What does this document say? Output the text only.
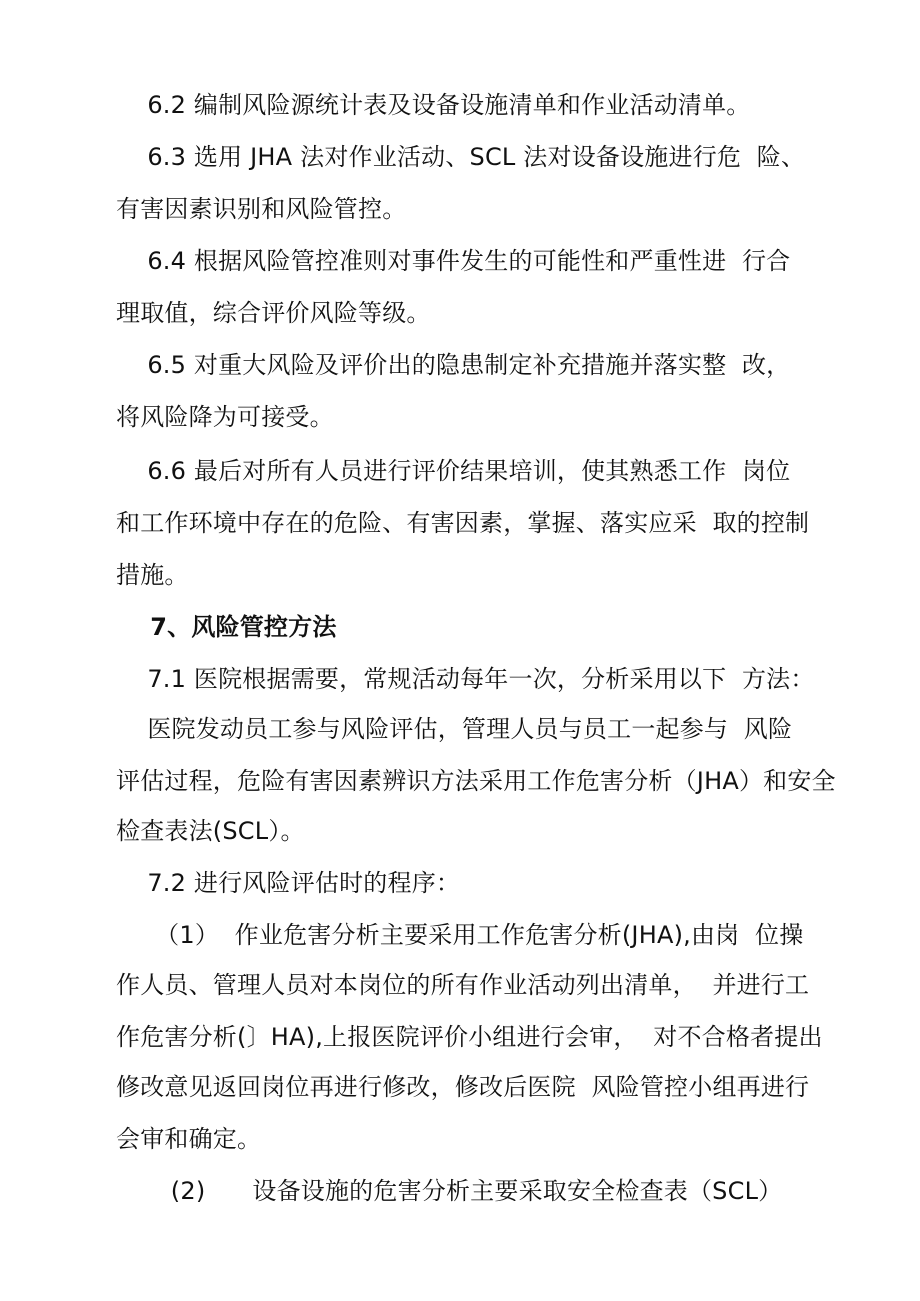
6.2 编制风险源统计表及设备设施清单和作业活动清单。
6.3 选用 JHA 法对作业活动、SCL 法对设备设施进行危  险、
有害因素识别和风险管控。
6.4 根据风险管控准则对事件发生的可能性和严重性进  行合
理取值，综合评价风险等级。
6.5 对重大风险及评价出的隐患制定补充措施并落实整  改，
将风险降为可接受。
6.6 最后对所有人员进行评价结果培训，使其熟悉工作  岗位
和工作环境中存在的危险、有害因素，掌握、落实应采  取的控制
措施。
7、风险管控方法
7.1 医院根据需要，常规活动每年一次，分析采用以下  方法：
医院发动员工参与风险评估，管理人员与员工一起参与  风险
评估过程，危险有害因素辨识方法采用工作危害分析（JHA）和安全
检查表法(SCL）。
7.2 进行风险评估时的程序：
（1）  作业危害分析主要采用工作危害分析(JHA),由岗  位操
作人员、管理人员对本岗位的所有作业活动列出清单，  并进行工
作危害分析(〕HA),上报医院评价小组进行会审，  对不合格者提出
修改意见返回岗位再进行修改，修改后医院  风险管控小组再进行
会审和确定。
(2)      设备设施的危害分析主要采取安全检查表（SCL）
